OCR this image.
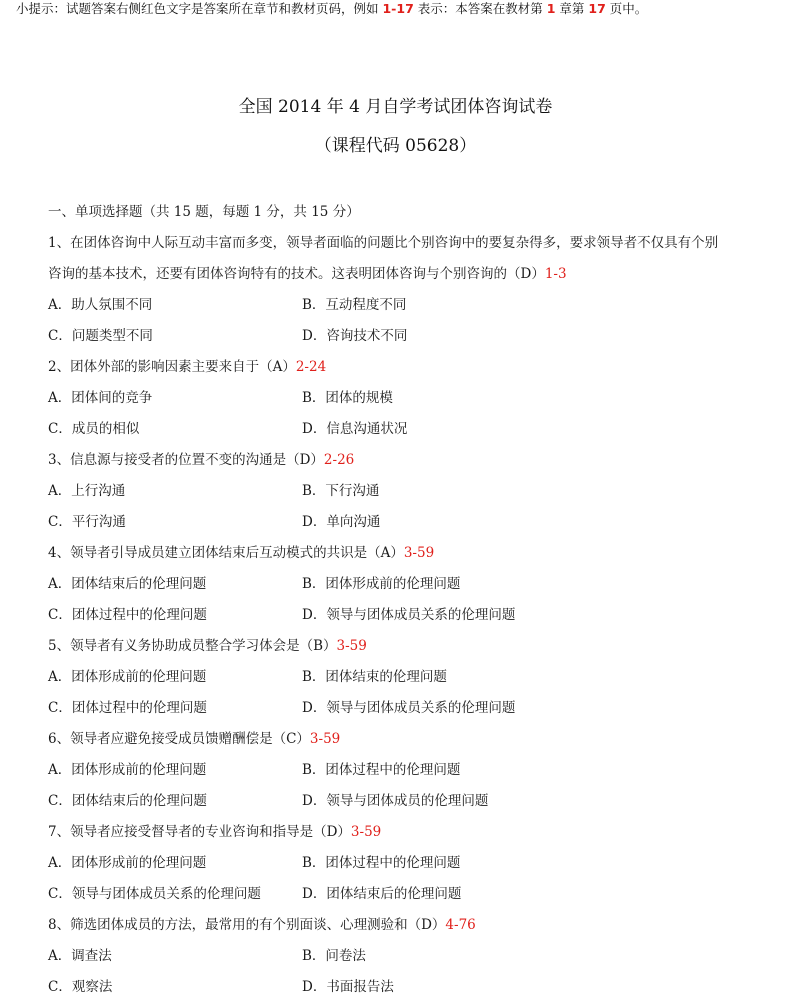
小提示：试题答案右侧红色文字是答案所在章节和教材页码，例如 1-17 表示：本答案在教材第 1 章第 17 页中。
全国 2014 年 4 月自学考试团体咨询试卷
（课程代码 05628）
一、单项选择题（共 15 题，每题 1 分，共 15 分）
1、在团体咨询中人际互动丰富而多变，领导者面临的问题比个别咨询中的要复杂得多，要求领导者不仅具有个别
咨询的基本技术，还要有团体咨询特有的技术。这表明团体咨询与个别咨询的（D）1-3
A．助人氛围不同	B．互动程度不同
C．问题类型不同	D．咨询技术不同
2、团体外部的影响因素主要来自于（A）2-24
A．团体间的竞争	B．团体的规模
C．成员的相似	D．信息沟通状况
3、信息源与接受者的位置不变的沟通是（D）2-26
A．上行沟通	B．下行沟通
C．平行沟通	D．单向沟通
4、领导者引导成员建立团体结束后互动模式的共识是（A）3-59
A．团体结束后的伦理问题	B．团体形成前的伦理问题
C．团体过程中的伦理问题	D．领导与团体成员关系的伦理问题
5、领导者有义务协助成员整合学习体会是（B）3-59
A．团体形成前的伦理问题	B．团体结束的伦理问题
C．团体过程中的伦理问题	D．领导与团体成员关系的伦理问题
6、领导者应避免接受成员馈赠酬偿是（C）3-59
A．团体形成前的伦理问题	B．团体过程中的伦理问题
C．团体结束后的伦理问题	D．领导与团体成员的伦理问题
7、领导者应接受督导者的专业咨询和指导是（D）3-59
A．团体形成前的伦理问题	B．团体过程中的伦理问题
C．领导与团体成员关系的伦理问题	D．团体结束后的伦理问题
8、筛选团体成员的方法，最常用的有个别面谈、心理测验和（D）4-76
A．调查法	B．问卷法
C．观察法	D．书面报告法
